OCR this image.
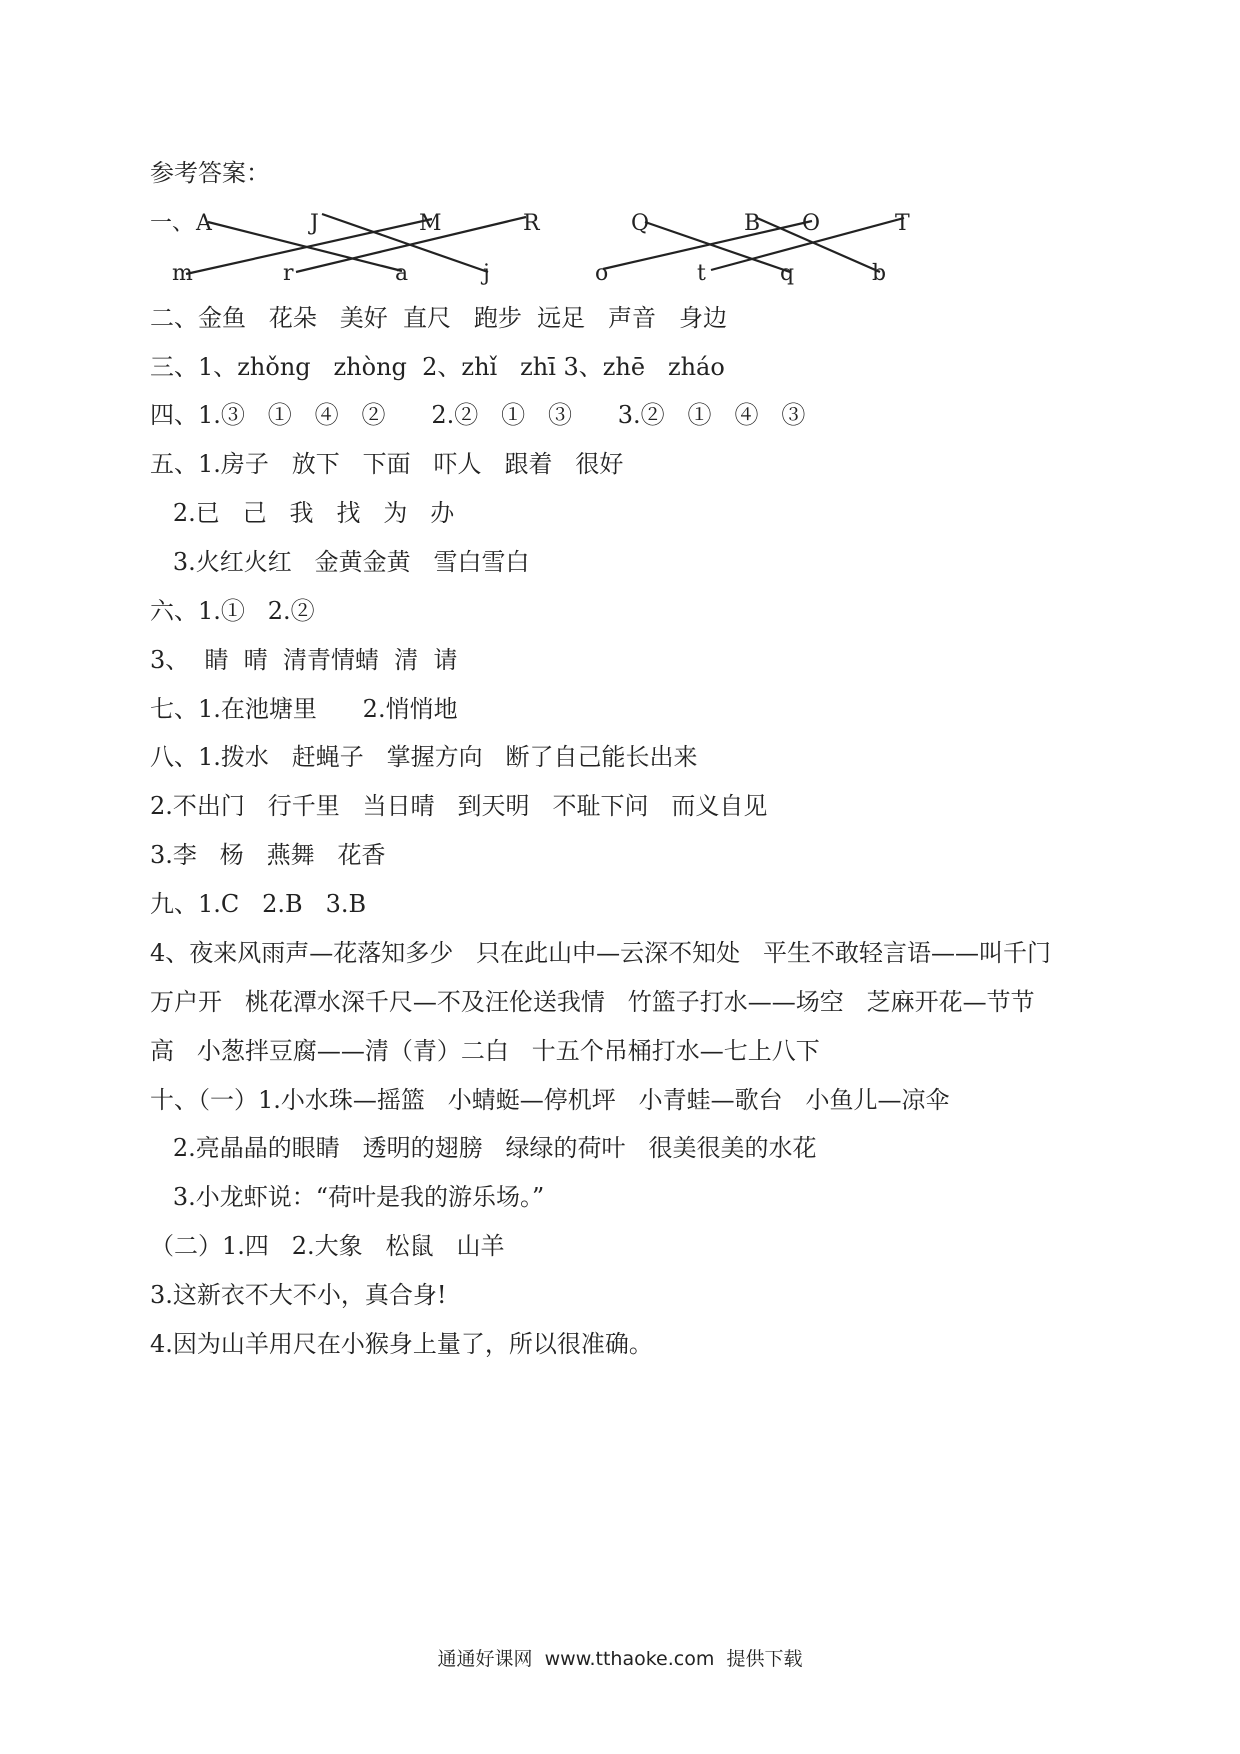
参考答案：
一、 A	J	M	R
m	r	a	j
Q	B O	T
o	t	q	b
二、金鱼   花朵   美好  直尺   跑步  远足   声音   身边
三、1、zhǒng   zhòng  2、zhǐ   zhī 3、zhē   zháo
四、1.③   ①   ④   ②      2.②   ①   ③      3.②   ①   ④   ③
五、1.房子   放下   下面   吓人   跟着   很好
2.已   己   我   找   为   办
3.火红火红   金黄金黄   雪白雪白
六、1.①   2.②
3、  睛  晴  清青情蜻  清  请
七、1.在池塘里      2.悄悄地
八、1.拨水   赶蝇子   掌握方向   断了自己能长出来
2.不出门   行千里   当日晴   到天明   不耻下问   而义自见
3.李   杨   燕舞   花香
九、1.C   2.B   3.B
4、夜来风雨声—花落知多少   只在此山中—云深不知处   平生不敢轻言语——叫千门
万户开   桃花潭水深千尺—不及汪伦送我情   竹篮子打水——场空   芝麻开花—节节
高   小葱拌豆腐——清（青）二白   十五个吊桶打水—七上八下
十、（一）1.小水珠—摇篮   小蜻蜓—停机坪   小青蛙—歌台   小鱼儿—凉伞
2.亮晶晶的眼睛   透明的翅膀   绿绿的荷叶   很美很美的水花
3.小龙虾说：“荷叶是我的游乐场。”
（二）1.四   2.大象   松鼠   山羊
3.这新衣不大不小，真合身!
4.因为山羊用尺在小猴身上量了，所以很准确。
通通好课网  www.tthaoke.com  提供下载
